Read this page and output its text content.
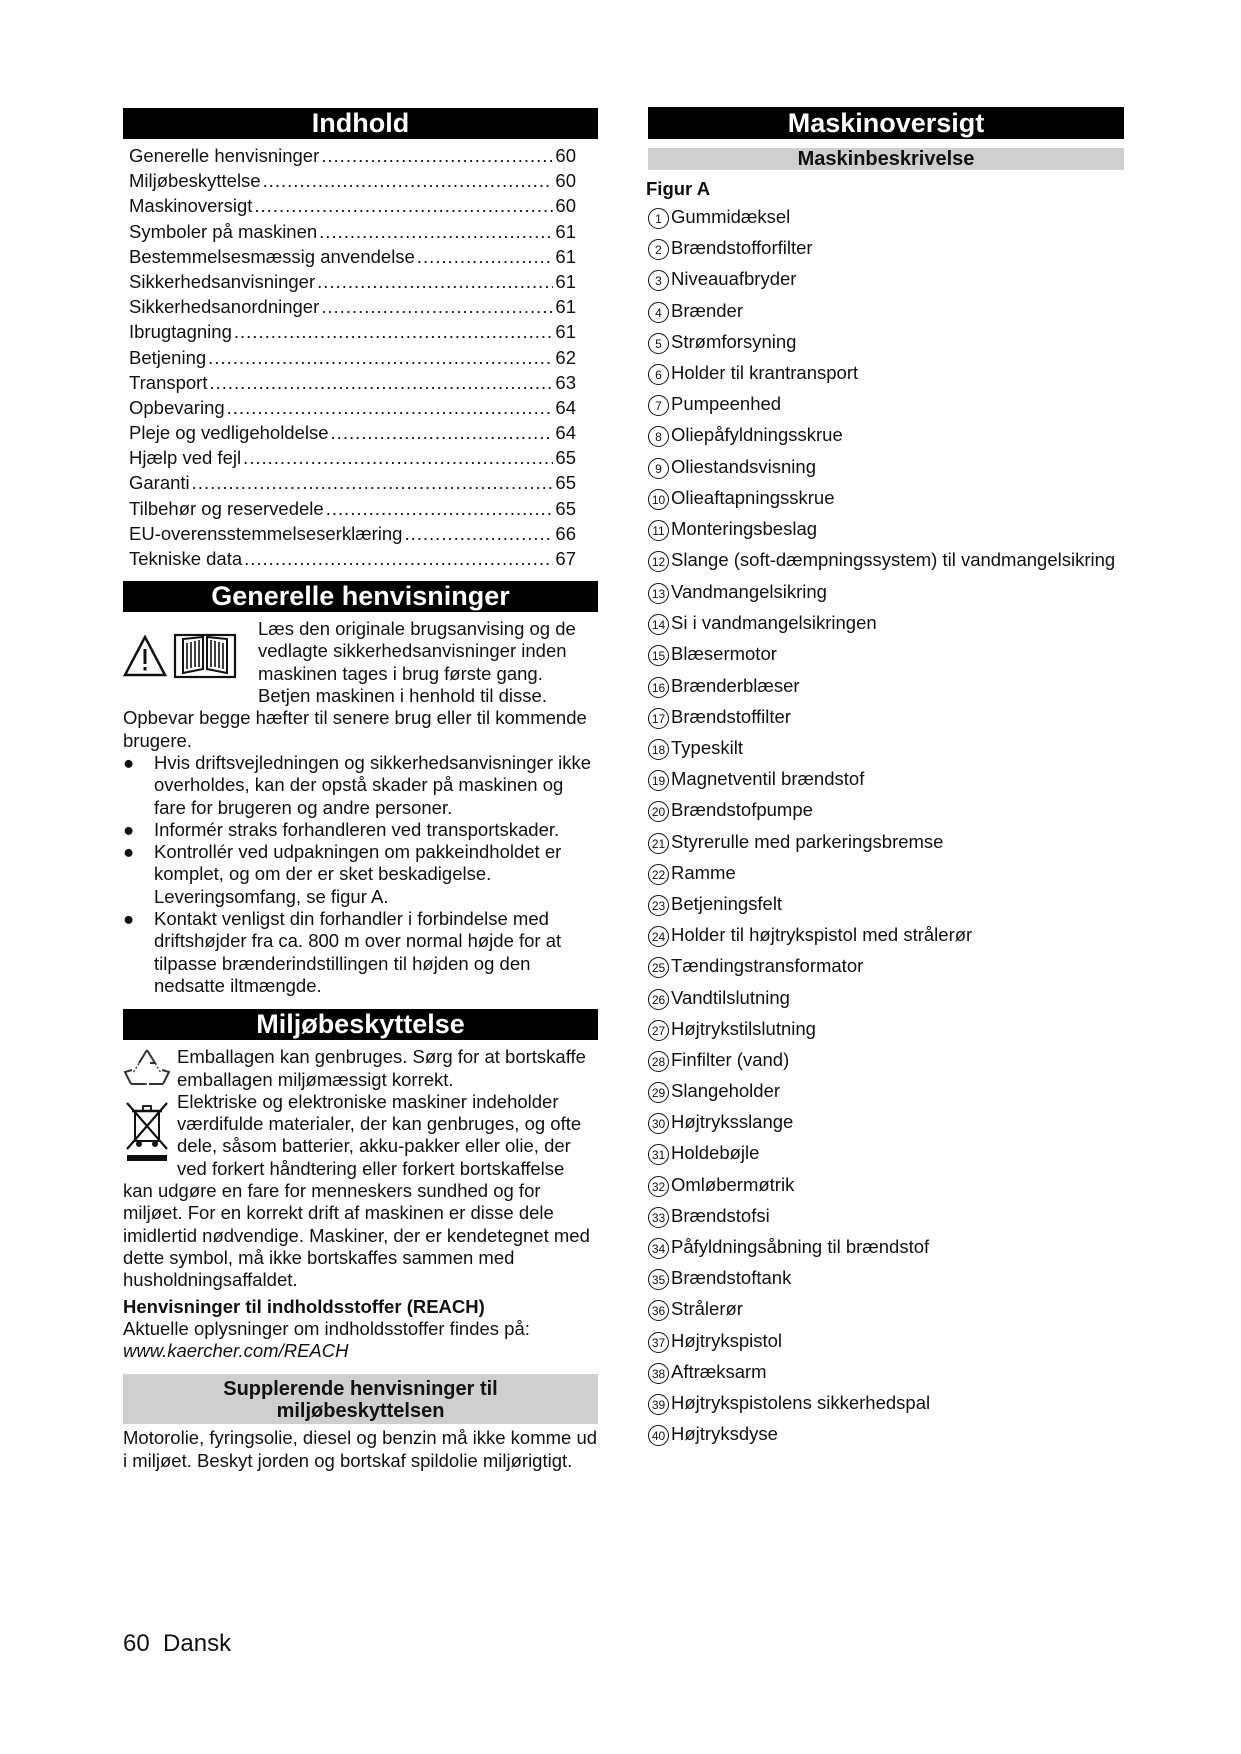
Indhold
Generelle henvisninger .....	60
Miljøbeskyttelse .....	60
Maskinoversigt .....	60
Symboler på maskinen .....	61
Bestemmelsesmæssig anvendelse .....	61
Sikkerhedsanvisninger .....	61
Sikkerhedsanordninger .....	61
Ibrugtagning .....	61
Betjening .....	62
Transport .....	63
Opbevaring .....	64
Pleje og vedligeholdelse .....	64
Hjælp ved fejl .....	65
Garanti .....	65
Tilbehør og reservedele .....	65
EU-overensstemmelseserklæring .....	66
Tekniske data .....	67
Generelle henvisninger

Læs den originale brugsanvising og de vedlagte sikkerhedsanvisninger inden maskinen tages i brug første gang. Betjen maskinen i henhold til disse.

Opbevar begge hæfter til senere brug eller til kommende brugere.

● Hvis driftsvejledningen og sikkerhedsanvisninger ikke overholdes, kan der opstå skader på maskinen og fare for brugeren og andre personer.
● Informér straks forhandleren ved transportskader.
● Kontrollér ved udpakningen om pakkeindholdet er komplet, og om der er sket beskadigelse. Leveringsomfang, se figur A.
● Kontakt venligst din forhandler i forbindelse med driftshøjder fra ca. 800 m over normal højde for at tilpasse brænderindstillingen til højden og den nedsatte iltmængde.
Miljøbeskyttelse

Emballagen kan genbruges. Sørg for at bortskaffe emballagen miljømæssigt korrekt.

Elektriske og elektroniske maskiner indeholder værdifulde materialer, der kan genbruges, og ofte dele, såsom batterier, akku-pakker eller olie, der ved forkert håndtering eller forkert bortskaffelse kan udgøre en fare for menneskers sundhed og for miljøet. For en korrekt drift af maskinen er disse dele imidlertid nødvendige. Maskiner, der er kendetegnet med dette symbol, må ikke bortskaffes sammen med husholdningsaffaldet.

Henvisninger til indholdsstoffer (REACH)

Aktuelle oplysninger om indholdsstoffer findes på:

www.kaercher.com/REACH

Supplerende henvisninger til miljøbeskyttelsen

Motorolie, fyringsolie, diesel og benzin må ikke komme ud i miljøet. Beskyt jorden og bortskaf spildolie miljørigtigt.

Maskinoversigt
Maskinbeskrivelse
Figur A
1 Gummidæksel
2 Brændstofforfilter
3 Niveauafbryder
4 Brænder
5 Strømforsyning
6 Holder til krantransport
7 Pumpeenhed
8 Oliepåfyldningsskrue
9 Oliestandsvisning
10 Olieaftapningsskrue
11 Monteringsbeslag
12 Slange (soft-dæmpningssystem) til vandmangelsikring
13 Vandmangelsikring
14 Si i vandmangelsikringen
15 Blæsermotor
16 Brænderblæser
17 Brændstoffilter
18 Typeskilt
19 Magnetventil brændstof
20 Brændstofpumpe
21 Styrerulle med parkeringsbremse
22 Ramme
23 Betjeningsfelt
24 Holder til højtrykspistol med strålerør
25 Tændingstransformator
26 Vandtilslutning
27 Højtrykstilslutning
28 Finfilter (vand)
29 Slangeholder
30 Højtryksslange
31 Holdebøjle
32 Omløbermøtrik
33 Brændstofsi
34 Påfyldningsåbning til brændstof
35 Brændstoftank
36 Strålerør
37 Højtrykspistol
38 Aftræksarm
39 Højtrykspistolens sikkerhedspal
40 Højtryksdyse
60 Dansk
